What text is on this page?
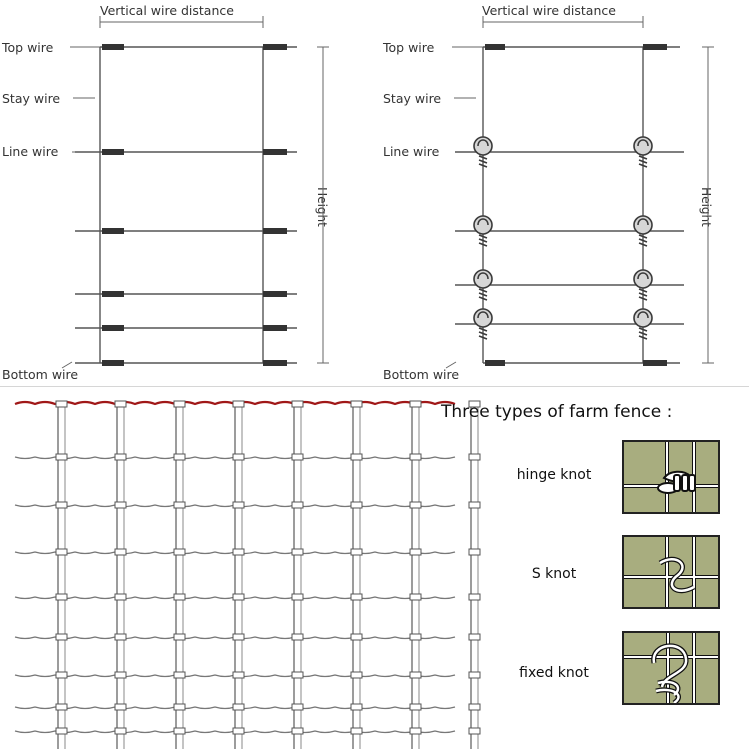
Vertical wire distance
Top wire
Stay wire
Line wire
Bottom wire
Height
Vertical wire distance
Top wire
Stay wire
Line wire
Bottom wire
Height
Three types of farm fence :
hinge knot
S knot
fixed knot
